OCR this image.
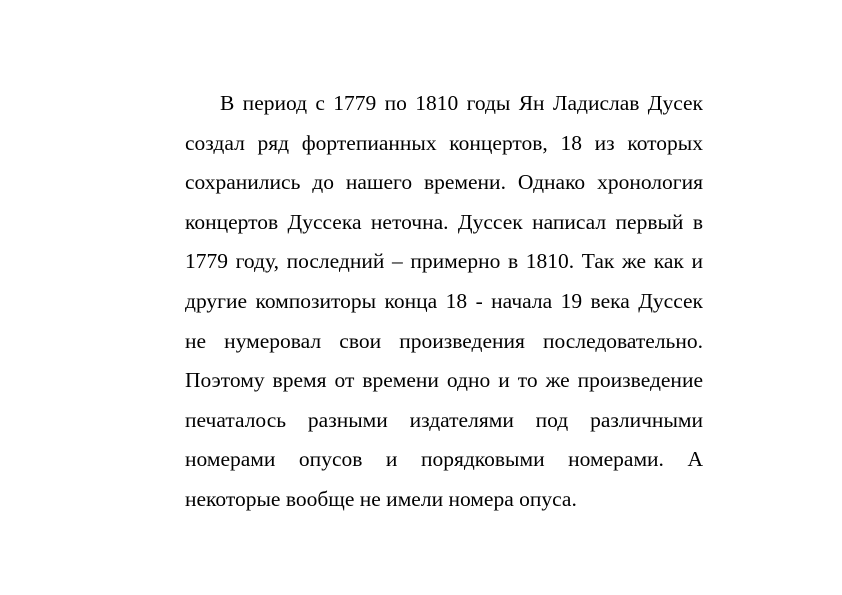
В период с 1779 по 1810 годы Ян Ладислав Дусек
создал ряд фортепианных концертов, 18 из которых
сохранились до нашего времени. Однако хронология
концертов Дуссека неточна. Дуссек написал первый в
1779 году, последний – примерно в 1810. Так же как и
другие композиторы конца 18 - начала 19 века Дуссек
не нумеровал свои произведения последовательно.
Поэтому время от времени одно и то же произведение
печаталось разными издателями под различными
номерами опусов и порядковыми номерами. А
некоторые вообще не имели номера опуса.
